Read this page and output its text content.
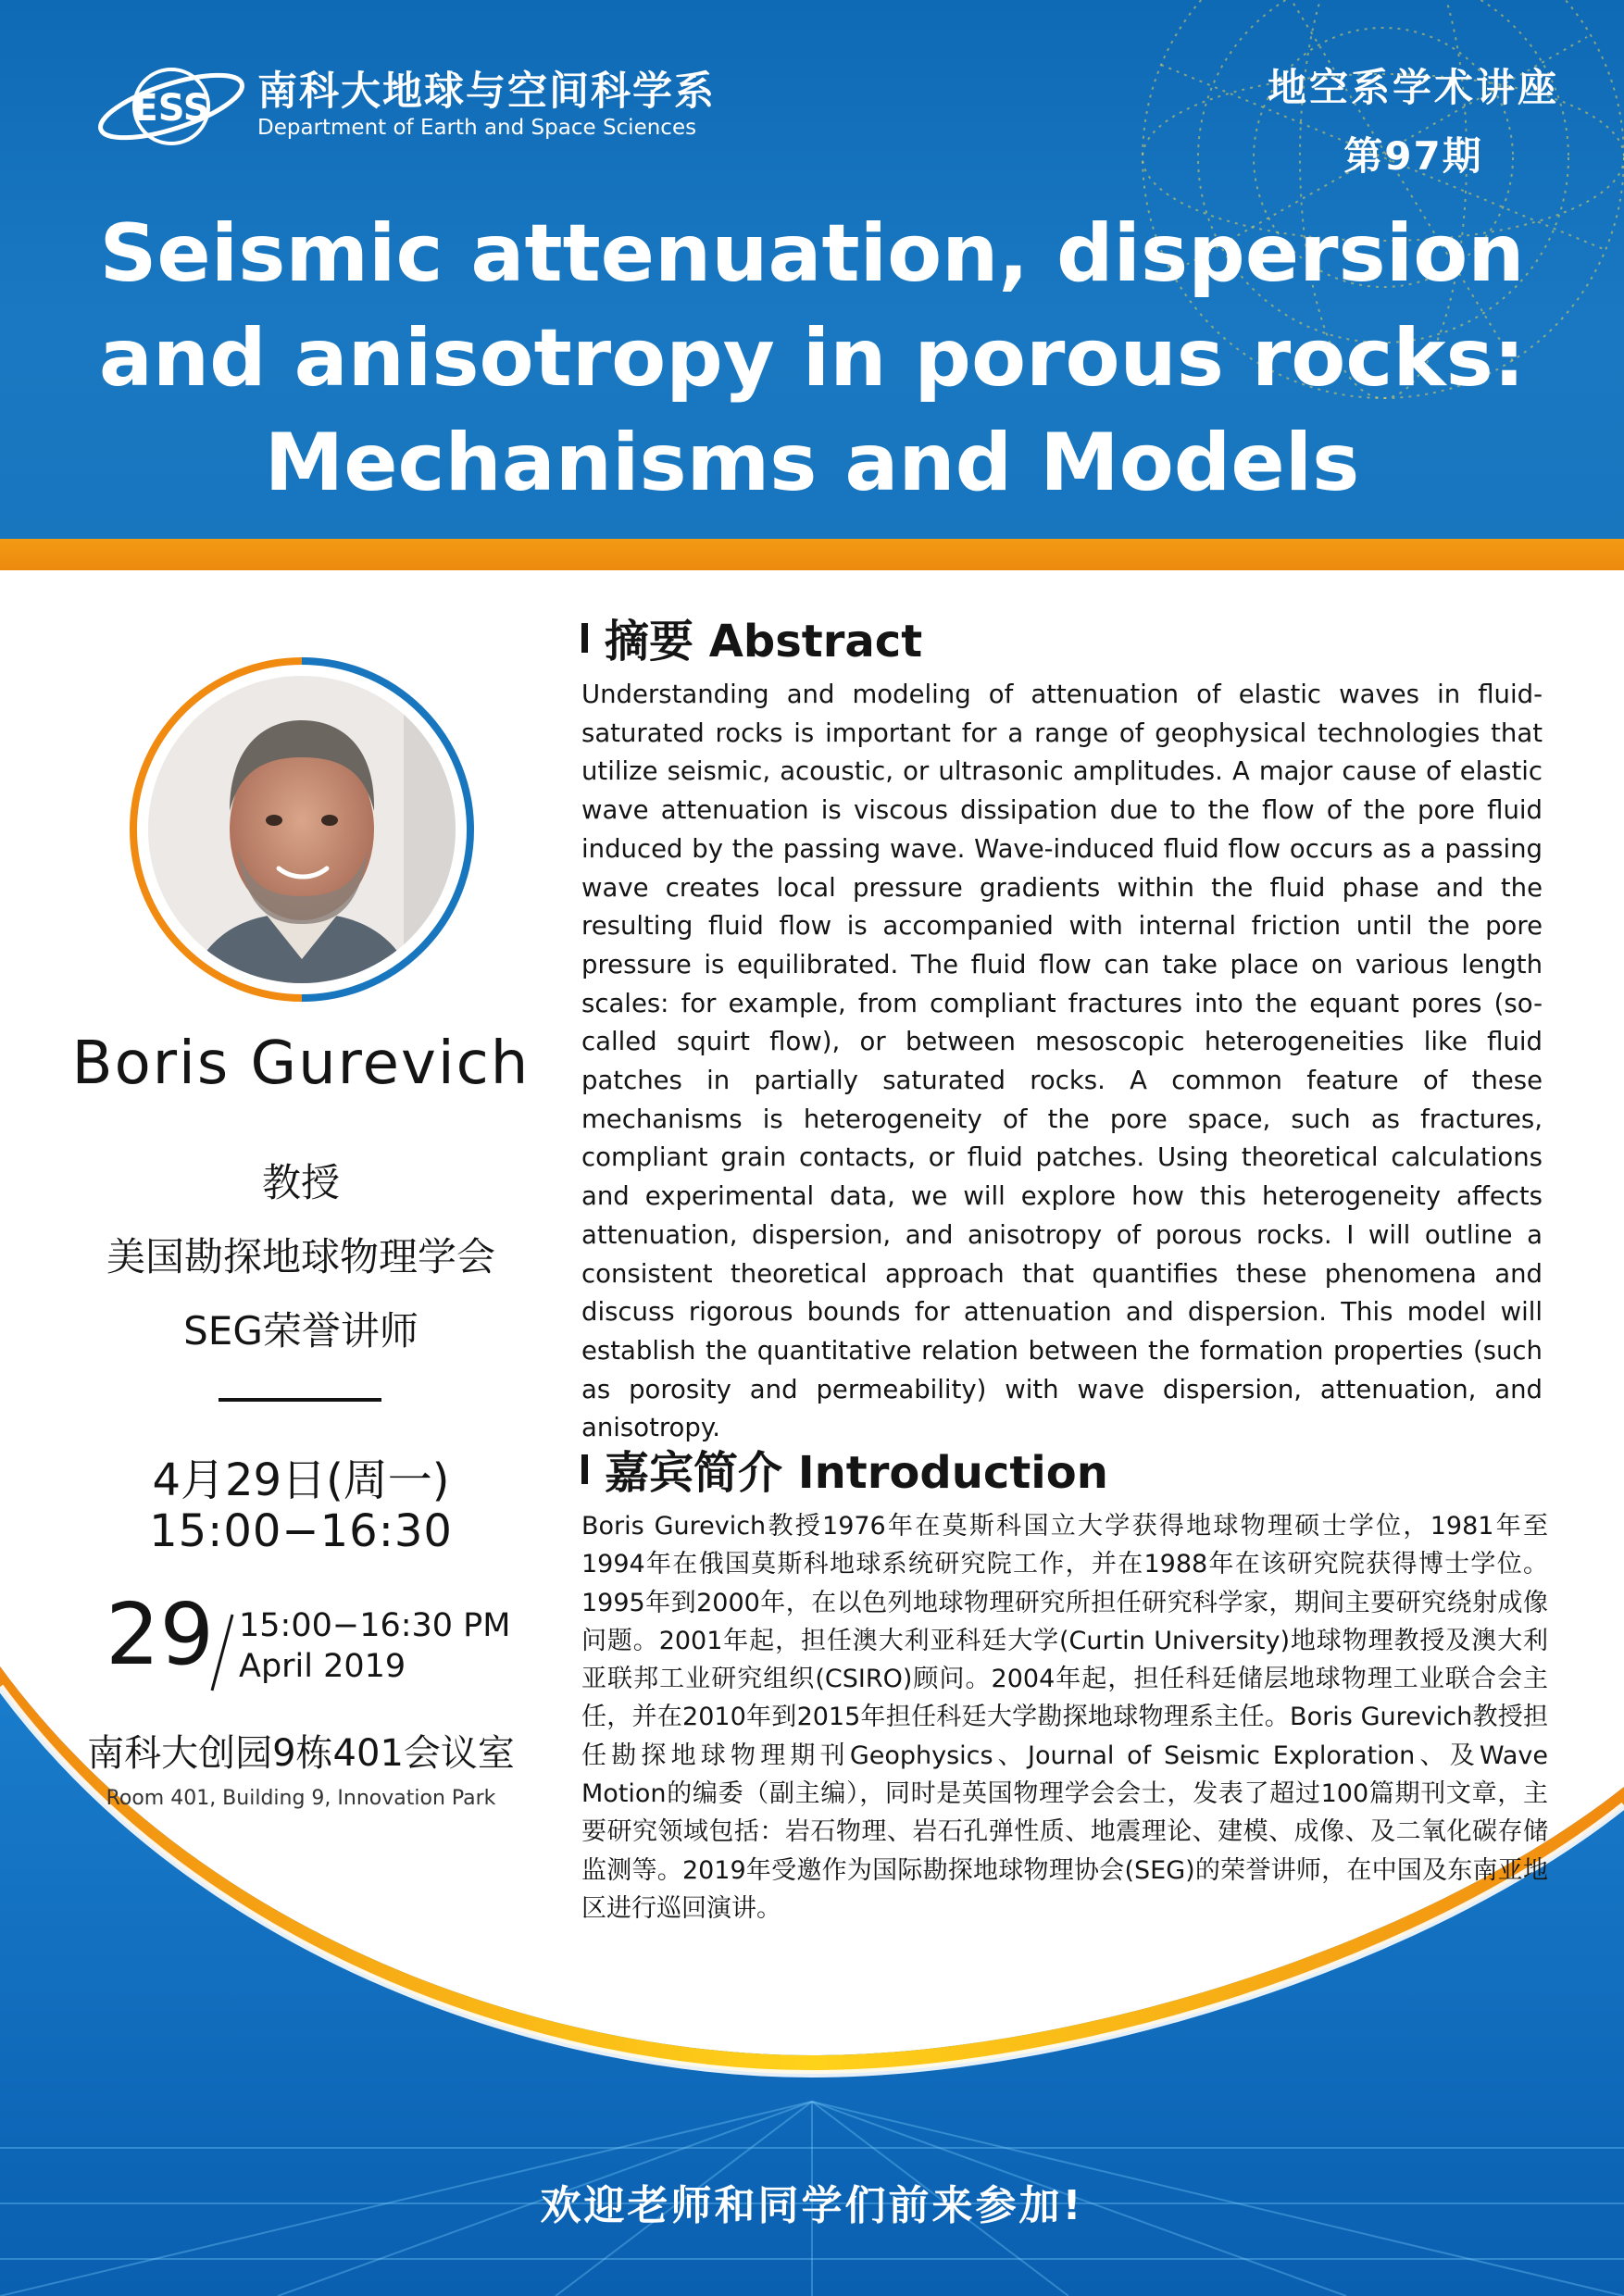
ESS 南科大地球与空间科学系
Department of Earth and Space Sciences
地空系学术讲座
第97期
Seismic attenuation, dispersion
and anisotropy in porous rocks:
Mechanisms and Models
Boris Gurevich
教授
美国勘探地球物理学会
SEG荣誉讲师
4月29日(周一)
15:00−16:30
29 15:00−16:30 PM
April 2019
南科大创园9栋401会议室
Room 401, Building 9, Innovation Park
摘要 Abstract

Understanding and modeling of attenuation of elastic waves in fluid-saturated rocks is important for a range of geophysical technologies that utilize seismic, acoustic, or ultrasonic amplitudes. A major cause of elastic wave attenuation is viscous dissipation due to the flow of the pore fluid induced by the passing wave. Wave-induced fluid flow occurs as a passing wave creates local pressure gradients within the fluid phase and the resulting fluid flow is accompanied with internal friction until the pore pressure is equilibrated. The fluid flow can take place on various length scales: for example, from compliant fractures into the equant pores (so-called squirt flow), or between mesoscopic heterogeneities like fluid patches in partially saturated rocks. A common feature of these mechanisms is heterogeneity of the pore space, such as fractures, compliant grain contacts, or fluid patches. Using theoretical calculations and experimental data, we will explore how this heterogeneity affects attenuation, dispersion, and anisotropy of porous rocks. I will outline a consistent theoretical approach that quantifies these phenomena and discuss rigorous bounds for attenuation and dispersion. This model will establish the quantitative relation between the formation properties (such as porosity and permeability) with wave dispersion, attenuation, and anisotropy.

嘉宾简介 Introduction

Boris Gurevich教授1976年在莫斯科国立大学获得地球物理硕士学位，1981年至1994年在俄国莫斯科地球系统研究院工作，并在1988年在该研究院获得博士学位。1995年到2000年，在以色列地球物理研究所担任研究科学家，期间主要研究绕射成像问题。2001年起，担任澳大利亚科廷大学(Curtin University)地球物理教授及澳大利亚联邦工业研究组织(CSIRO)顾问。2004年起，担任科廷储层地球物理工业联合会主任，并在2010年到2015年担任科廷大学勘探地球物理系主任。Boris Gurevich教授担任勘探地球物理期刊Geophysics、Journal of Seismic Exploration、及Wave Motion的编委（副主编），同时是英国物理学会会士，发表了超过100篇期刊文章，主要研究领域包括：岩石物理、岩石孔弹性质、地震理论、建模、成像、及二氧化碳存储监测等。2019年受邀作为国际勘探地球物理协会(SEG)的荣誉讲师，在中国及东南亚地区进行巡回演讲。

欢迎老师和同学们前来参加!
